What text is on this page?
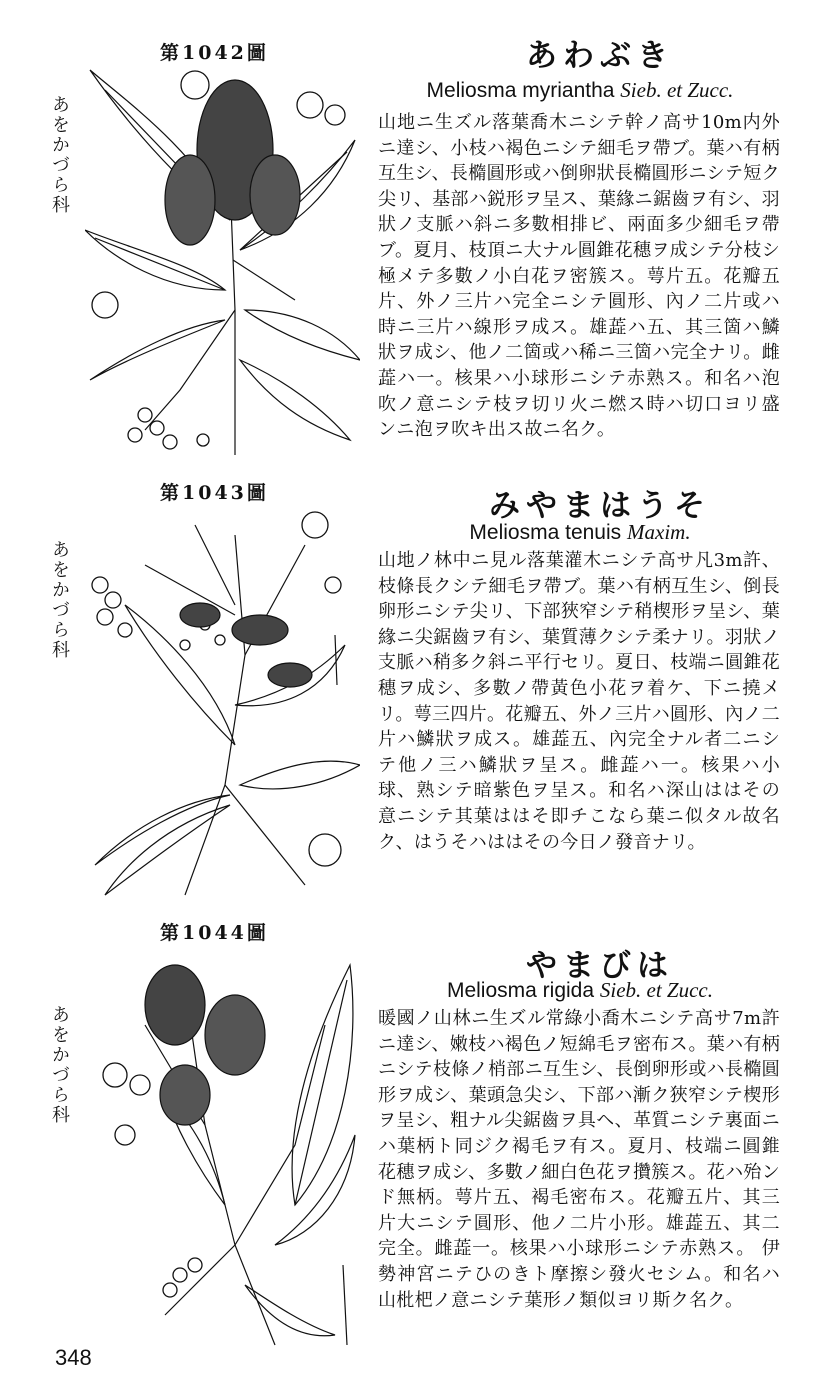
第1042圖
あをかづら科
あわぶき
Meliosma myriantha Sieb. et Zucc.
山地ニ生ズル落葉喬木ニシテ幹ノ高サ10m内外ニ達シ、小枝ハ褐色ニシテ細毛ヲ帶ブ。葉ハ有柄互生シ、長橢圓形或ハ倒卵狀長橢圓形ニシテ短ク尖リ、基部ハ鋭形ヲ呈ス、葉緣ニ鋸齒ヲ有シ、羽狀ノ支脈ハ斜ニ多數相排ビ、兩面多少細毛ヲ帶ブ。夏月、枝頂ニ大ナル圓錐花穗ヲ成シテ分枝シ極メテ多數ノ小白花ヲ密簇ス。萼片五。花瓣五片、外ノ三片ハ完全ニシテ圓形、內ノ二片或ハ時ニ三片ハ線形ヲ成ス。雄蕋ハ五、其三箇ハ鱗狀ヲ成シ、他ノ二箇或ハ稀ニ三箇ハ完全ナリ。雌蕋ハ一。核果ハ小球形ニシテ赤熟ス。和名ハ泡吹ノ意ニシテ枝ヲ切リ火ニ燃ス時ハ切口ヨリ盛ンニ泡ヲ吹キ出ス故ニ名ク。
第1043圖
あをかづら科
みやまはうそ
Meliosma tenuis Maxim.
山地ノ林中ニ見ル落葉灌木ニシテ高サ凡3m許、枝條長クシテ細毛ヲ帶ブ。葉ハ有柄互生シ、倒長卵形ニシテ尖リ、下部狹窄シテ稍楔形ヲ呈シ、葉緣ニ尖鋸齒ヲ有シ、葉質薄クシテ柔ナリ。羽狀ノ支脈ハ稍多ク斜ニ平行セリ。夏日、枝端ニ圓錐花穗ヲ成シ、多數ノ帶黃色小花ヲ着ケ、下ニ撓メリ。萼三四片。花瓣五、外ノ三片ハ圓形、內ノ二片ハ鱗狀ヲ成ス。雄蕋五、內完全ナル者二ニシテ他ノ三ハ鱗狀ヲ呈ス。雌蕋ハ一。核果ハ小球、熟シテ暗紫色ヲ呈ス。和名ハ深山ははその意ニシテ其葉ははそ即チこなら葉ニ似タル故名ク、はうそハははその今日ノ發音ナリ。
第1044圖
あをかづら科
やまびは
Meliosma rigida Sieb. et Zucc.
暖國ノ山林ニ生ズル常綠小喬木ニシテ高サ7m許ニ達シ、嫩枝ハ褐色ノ短綿毛ヲ密布ス。葉ハ有柄ニシテ枝條ノ梢部ニ互生シ、長倒卵形或ハ長橢圓形ヲ成シ、葉頭急尖シ、下部ハ漸ク狹窄シテ楔形ヲ呈シ、粗ナル尖鋸齒ヲ具ヘ、革質ニシテ裏面ニハ葉柄ト同ジク褐毛ヲ有ス。夏月、枝端ニ圓錐花穗ヲ成シ、多數ノ細白色花ヲ攢簇ス。花ハ殆ンド無柄。萼片五、褐毛密布ス。花瓣五片、其三片大ニシテ圓形、他ノ二片小形。雄蕋五、其二完全。雌蕋一。核果ハ小球形ニシテ赤熟ス。 伊勢神宮ニテひのきト摩擦シ發火セシム。和名ハ山枇杷ノ意ニシテ葉形ノ類似ヨリ斯ク名ク。
348
